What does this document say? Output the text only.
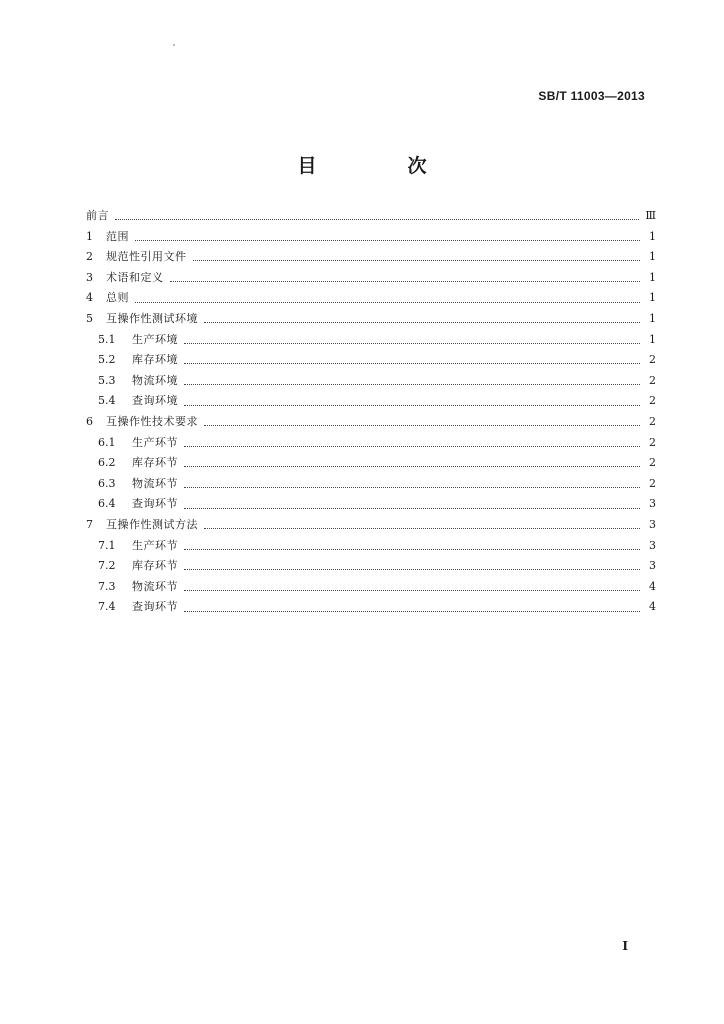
SB/T 11003—2013
目　次
前言	Ⅲ
1	范围	1
2	规范性引用文件	1
3	术语和定义	1
4	总则	1
5	互操作性测试环境	1
5.1	生产环境	1
5.2	库存环境	2
5.3	物流环境	2
5.4	查询环境	2
6	互操作性技术要求	2
6.1	生产环节	2
6.2	库存环节	2
6.3	物流环节	2
6.4	查询环节	3
7	互操作性测试方法	3
7.1	生产环节	3
7.2	库存环节	3
7.3	物流环节	4
7.4	查询环节	4
I
